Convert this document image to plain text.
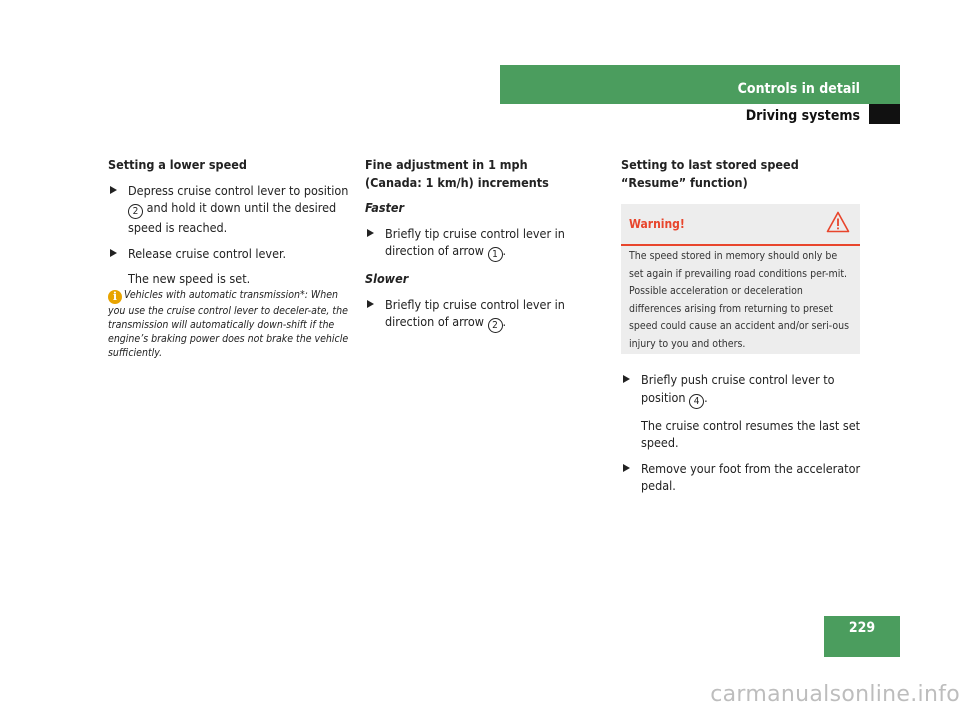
Controls in detail
Driving systems

Setting a lower speed

Depress cruise control lever to position 2 and hold it down until the desired speed is reached.

Release cruise control lever.

The new speed is set.

i Vehicles with automatic transmission*: When you use the cruise control lever to deceler-ate, the transmission will automatically down-shift if the engine’s braking power does not brake the vehicle sufficiently.

Fine adjustment in 1 mph
(Canada: 1 km/h) increments

Faster

Briefly tip cruise control lever in direction of arrow 1 .

Slower

Briefly tip cruise control lever in direction of arrow 2 .

Setting to last stored speed
“Resume” function)

Warning!
The speed stored in memory should only be set again if prevailing road conditions per-mit. Possible acceleration or deceleration differences arising from returning to preset speed could cause an accident and/or seri-ous injury to you and others.

Briefly push cruise control lever to position 4 .

The cruise control resumes the last set speed.

Remove your foot from the accelerator pedal.

229
carmanualsonline.info
